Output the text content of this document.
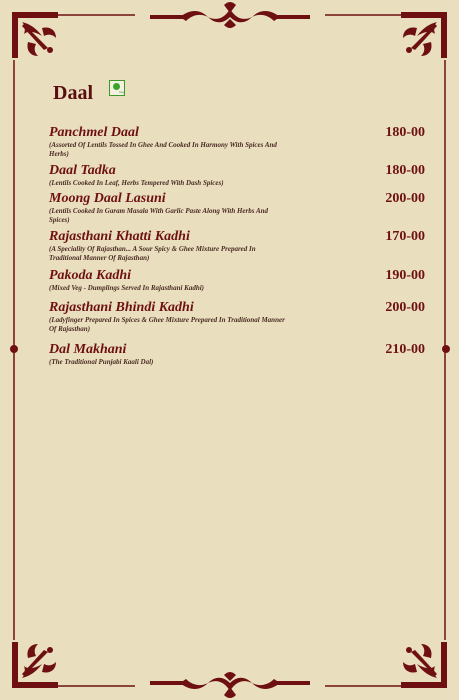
Daal	Veg
Panchmel Daal	180-00
(Assorted Of Lentils Tossed In Ghee And Cooked In Harmony With Spices And Herbs)
Daal Tadka	180-00
(Lentils Cooked In Leaf, Herbs Tempered With Dash Spices)
Moong Daal Lasuni	200-00
(Lentils Cooked In Garam Masala With Garlic Paste Along With Herbs And Spices)
Rajasthani Khatti Kadhi	170-00
(A Speciality Of Rajasthan... A Sour Spicy & Ghee Mixture Prepared In Traditional Manner Of Rajasthan)
Pakoda Kadhi	190-00
(Mixed Veg - Dumplings Served In Rajasthani Kadhi)
Rajasthani Bhindi Kadhi	200-00
(Ladyfinger Prepared In Spices & Ghee Mixture Prepared In Traditional Manner Of Rajasthan)
Dal Makhani	210-00
(The Traditional Punjabi Kaali Dal)
